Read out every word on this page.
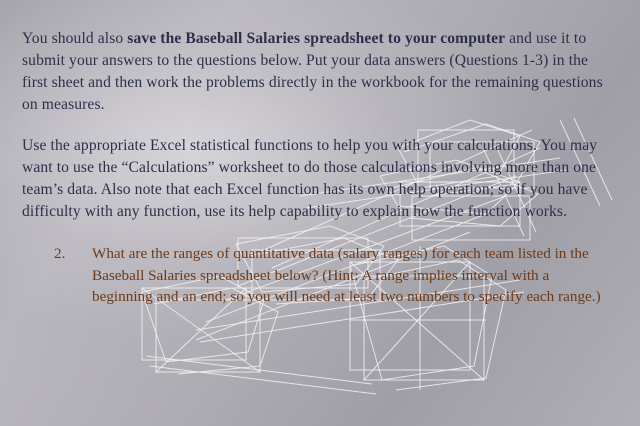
You should also save the Baseball Salaries spreadsheet to your computer and use it to submit your answers to the questions below. Put your data answers (Questions 1-3) in the first sheet and then work the problems directly in the workbook for the remaining questions on measures.

Use the appropriate Excel statistical functions to help you with your calculations. You may want to use the “Calculations” worksheet to do those calculations involving more than one team’s data. Also note that each Excel function has its own help operation; so if you have difficulty with any function, use its help capability to explain how the function works.

2.	What are the ranges of quantitative data (salary ranges) for each team listed in the Baseball Salaries spreadsheet below? (Hint: A range implies interval with a beginning and an end; so you will need at least two numbers to specify each range.)
